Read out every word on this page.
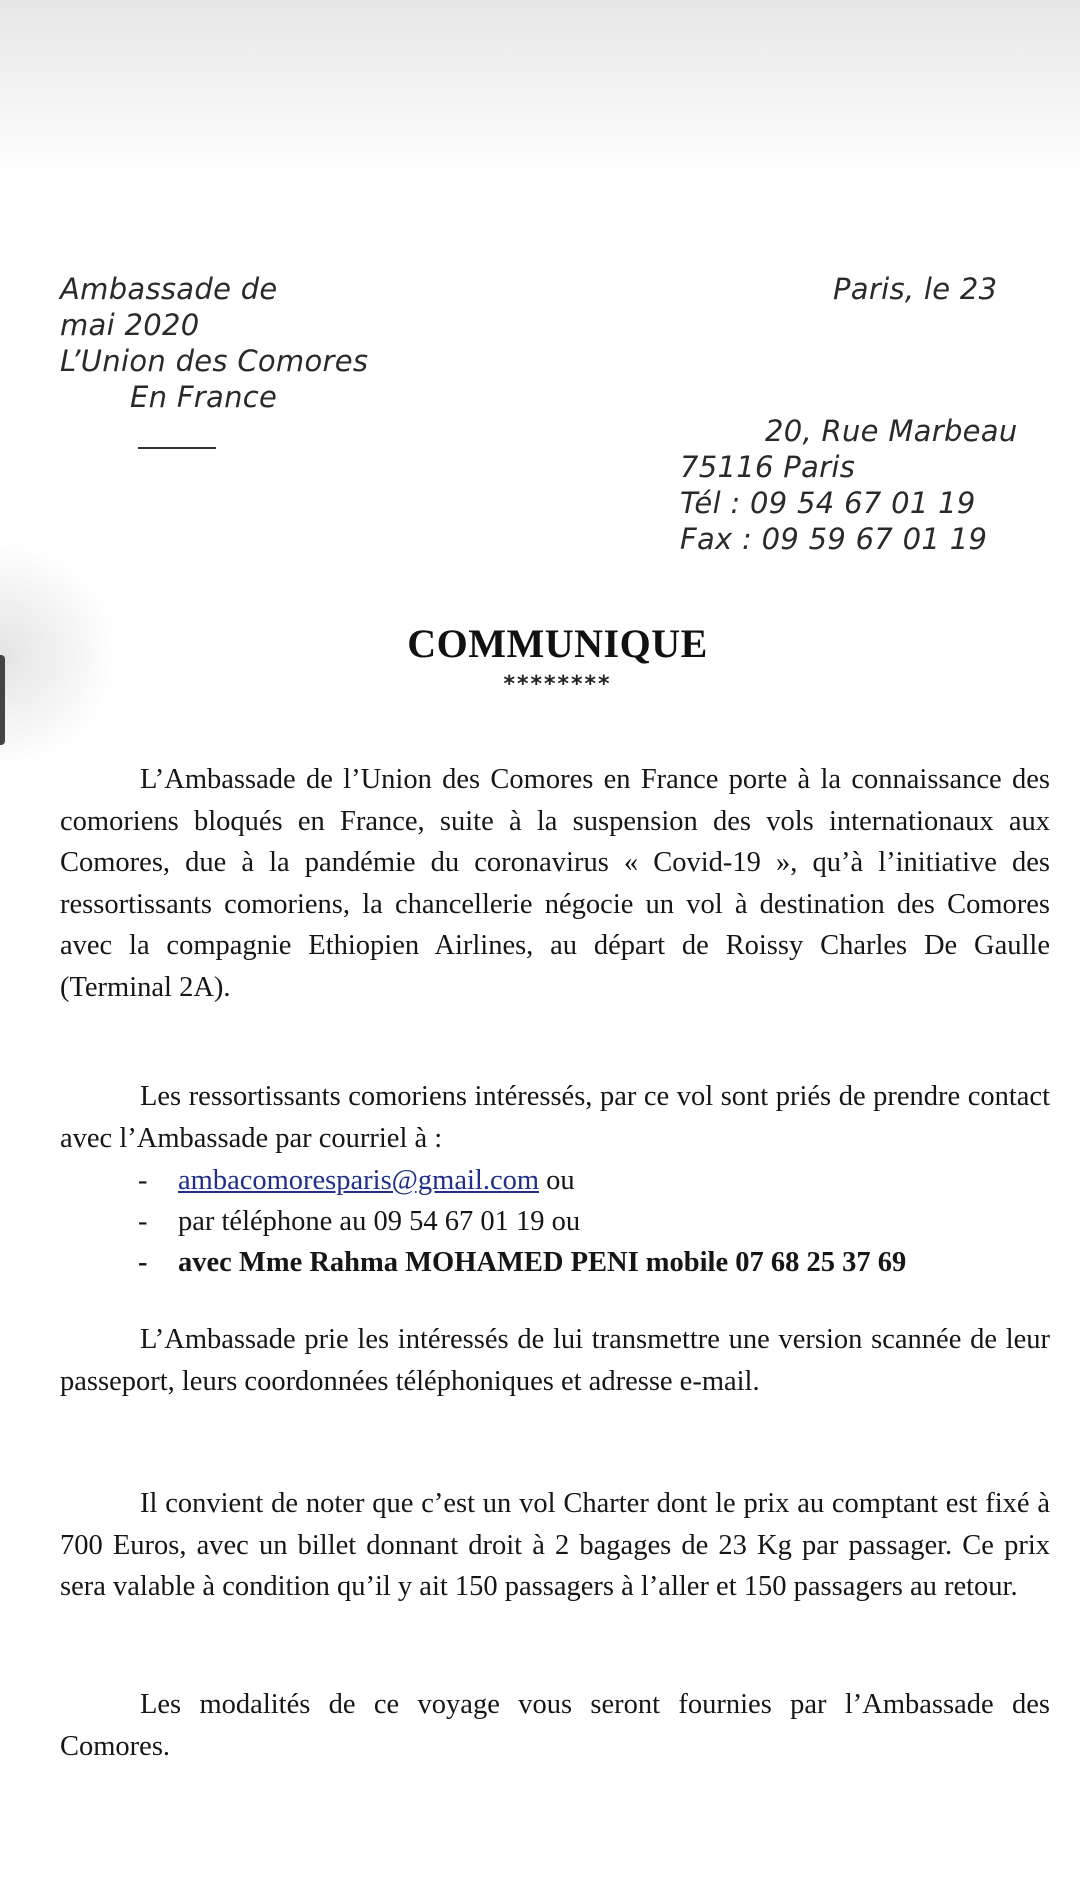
Ambassade de
mai 2020
L’Union des Comores
En France
Paris, le 23
20, Rue Marbeau
75116 Paris
Tél : 09 54 67 01 19
Fax : 09 59 67 01 19
COMMUNIQUE
********

L’Ambassade de l’Union des Comores en France porte à la connaissance des comoriens bloqués en France, suite à la suspension des vols internationaux aux Comores, due à la pandémie du coronavirus « Covid-19 », qu’à l’initiative des ressortissants comoriens, la chancellerie négocie un vol à destination des Comores avec la compagnie Ethiopien Airlines, au départ de Roissy Charles De Gaulle (Terminal 2A).

Les ressortissants comoriens intéressés, par ce vol sont priés de prendre contact avec l’Ambassade par courriel à :

- ambacomoresparis@gmail.com ou
- par téléphone au 09 54 67 01 19 ou
- avec Mme Rahma MOHAMED PENI mobile 07 68 25 37 69

L’Ambassade prie les intéressés de lui transmettre une version scannée de leur passeport, leurs coordonnées téléphoniques et adresse e-mail.

Il convient de noter que c’est un vol Charter dont le prix au comptant est fixé à 700 Euros, avec un billet donnant droit à 2 bagages de 23 Kg par passager. Ce prix sera valable à condition qu’il y ait 150 passagers à l’aller et 150 passagers au retour.

Les modalités de ce voyage vous seront fournies par l’Ambassade des Comores.
